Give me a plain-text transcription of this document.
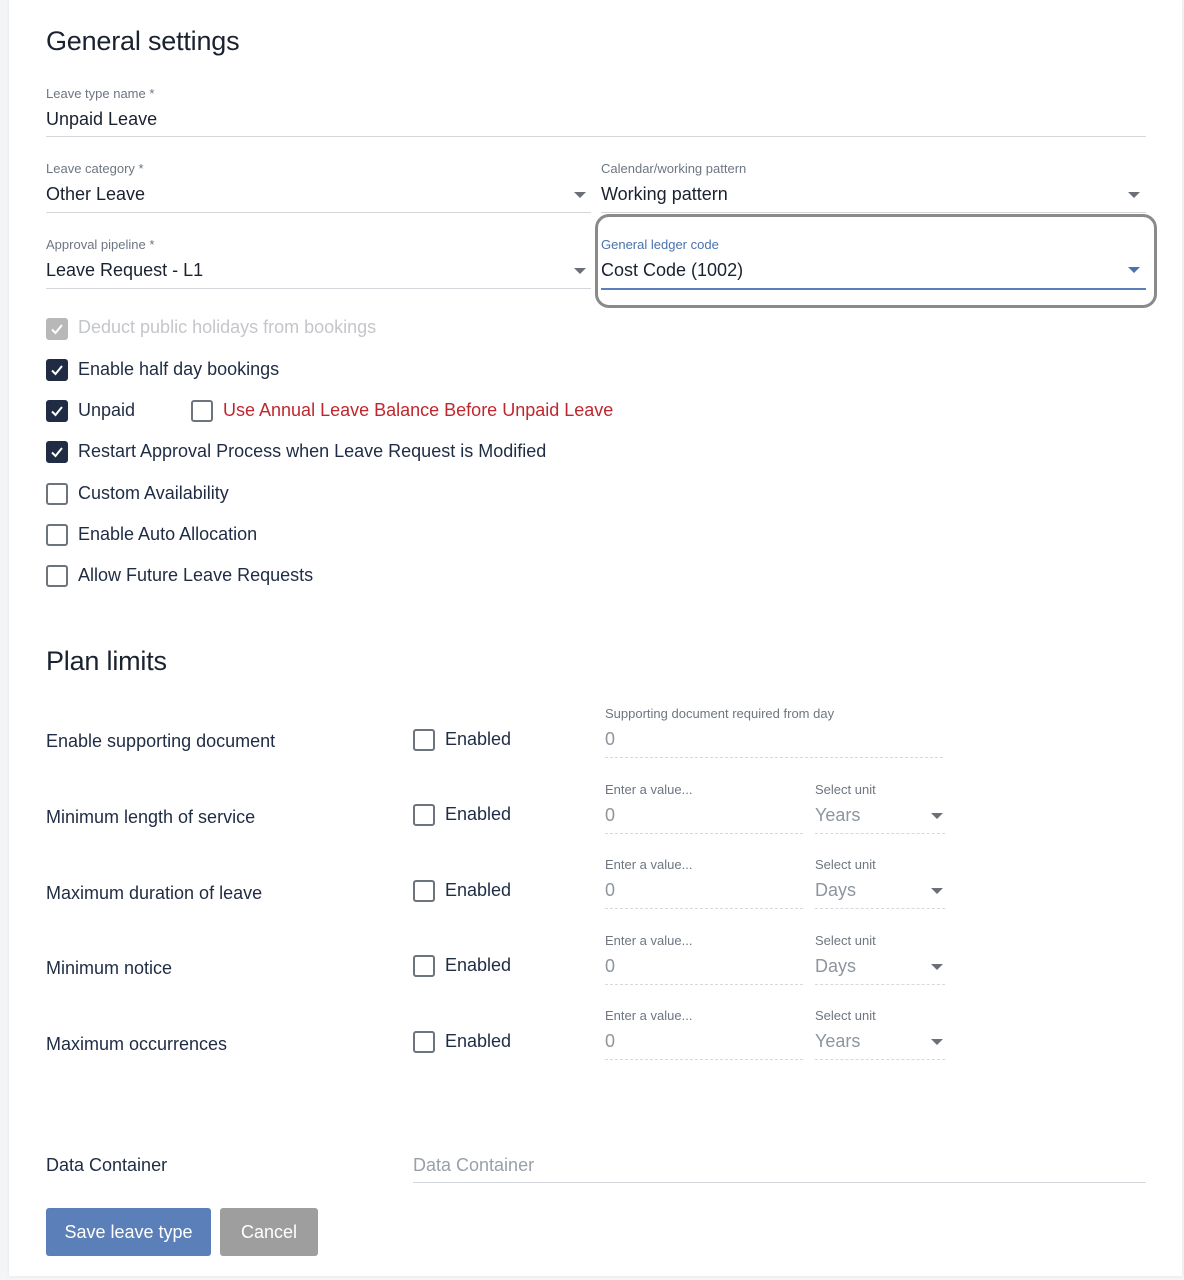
General settings
Leave type name *
Unpaid Leave
Leave category *
Other Leave
Calendar/working pattern
Working pattern
Approval pipeline *
Leave Request - L1
General ledger code
Cost Code (1002)
Deduct public holidays from bookings
Enable half day bookings
Unpaid	Use Annual Leave Balance Before Unpaid Leave
Restart Approval Process when Leave Request is Modified
Custom Availability
Enable Auto Allocation
Allow Future Leave Requests
Plan limits
Enable supporting document	Enabled
Supporting document required from day
0
Minimum length of service	Enabled
Enter a value...
0
Select unit
Years
Maximum duration of leave	Enabled
Enter a value...
0
Select unit
Days
Minimum notice	Enabled
Enter a value...
0
Select unit
Days
Maximum occurrences	Enabled
Enter a value...
0
Select unit
Years
Data Container	Data Container
Save leave type	Cancel
